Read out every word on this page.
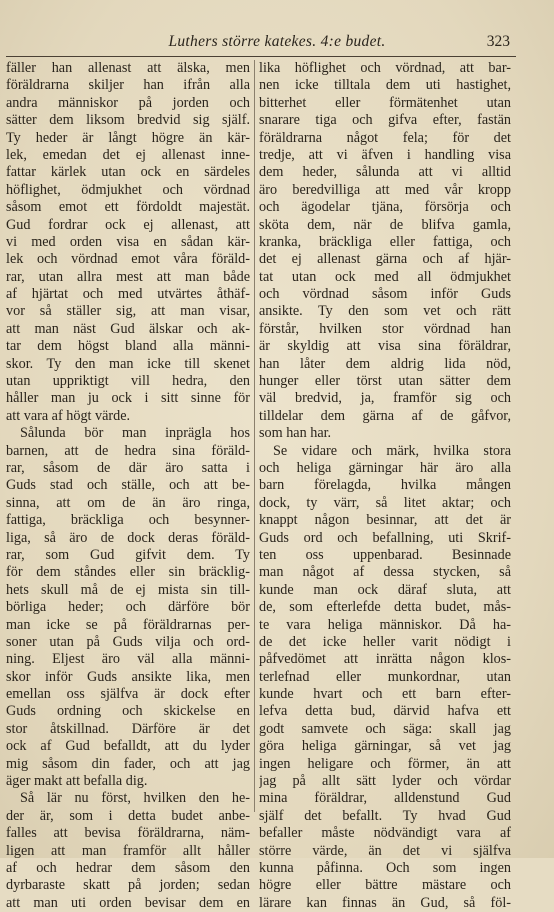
Luthers större katekes. 4:e budet.	323
fäller han allenast att älska, men
föräldrarna skiljer han ifrån alla
andra människor på jorden och
sätter dem liksom bredvid sig själf.
Ty heder är långt högre än kär-
lek, emedan det ej allenast inne-
fattar kärlek utan ock en särdeles
höflighet, ödmjukhet och vördnad
såsom emot ett fördoldt majestät.
Gud fordrar ock ej allenast, att
vi med orden visa en sådan kär-
lek och vördnad emot våra föräld-
rar, utan allra mest att man både
af hjärtat och med utvärtes åthäf-
vor så ställer sig, att man visar,
att man näst Gud älskar och ak-
tar dem högst bland alla männi-
skor. Ty den man icke till skenet
utan uppriktigt vill hedra, den
håller man ju ock i sitt sinne för
att vara af högt värde.
Sålunda bör man inprägla hos
barnen, att de hedra sina föräld-
rar, såsom de där äro satta i
Guds stad och ställe, och att be-
sinna, att om de än äro ringa,
fattiga, bräckliga och besynner-
liga, så äro de dock deras föräld-
rar, som Gud gifvit dem. Ty
för dem ståndes eller sin bräcklig-
hets skull må de ej mista sin till-
börliga heder; och därföre bör
man icke se på föräldrarnas per-
soner utan på Guds vilja och ord-
ning. Eljest äro väl alla männi-
skor inför Guds ansikte lika, men
emellan oss själfva är dock efter
Guds ordning och skickelse en
stor åtskillnad. Därföre är det
ock af Gud befalldt, att du lyder
mig såsom din fader, och att jag
äger makt att befalla dig.
Så lär nu först, hvilken den he-
der är, som i detta budet anbe-
falles att bevisa föräldrarna, näm-
ligen att man framför allt håller
af och hedrar dem såsom den
dyrbaraste skatt på jorden; sedan
att man uti orden bevisar dem en
lika höflighet och vördnad, att bar-
nen icke tilltala dem uti hastighet,
bitterhet eller förmätenhet utan
snarare tiga och gifva efter, fastän
föräldrarna något fela; för det
tredje, att vi äfven i handling visa
dem heder, sålunda att vi alltid
äro beredvilliga att med vår kropp
och ägodelar tjäna, försörja och
sköta dem, när de blifva gamla,
kranka, bräckliga eller fattiga, och
det ej allenast gärna och af hjär-
tat utan ock med all ödmjukhet
och vördnad såsom inför Guds
ansikte. Ty den som vet och rätt
förstår, hvilken stor vördnad han
är skyldig att visa sina föräldrar,
han låter dem aldrig lida nöd,
hunger eller törst utan sätter dem
väl bredvid, ja, framför sig och
tilldelar dem gärna af de gåfvor,
som han har.
Se vidare och märk, hvilka stora
och heliga gärningar här äro alla
barn förelagda, hvilka mången
dock, ty värr, så litet aktar; och
knappt någon besinnar, att det är
Guds ord och befallning, uti Skrif-
ten oss uppenbarad. Besinnade
man något af dessa stycken, så
kunde man ock däraf sluta, att
de, som efterlefde detta budet, mås-
te vara heliga människor. Då ha-
de det icke heller varit nödigt i
påfvedömet att inrätta någon klos-
terlefnad eller munkordnar, utan
kunde hvart och ett barn efter-
lefva detta bud, därvid hafva ett
godt samvete och säga: skall jag
göra heliga gärningar, så vet jag
ingen heligare och förmer, än att
jag på allt sätt lyder och vördar
mina föräldrar, alldenstund Gud
själf det befallt. Ty hvad Gud
befaller måste nödvändigt vara af
större värde, än det vi själfva
kunna påfinna. Och som ingen
högre eller bättre mästare och
lärare kan finnas än Gud, så föl-
